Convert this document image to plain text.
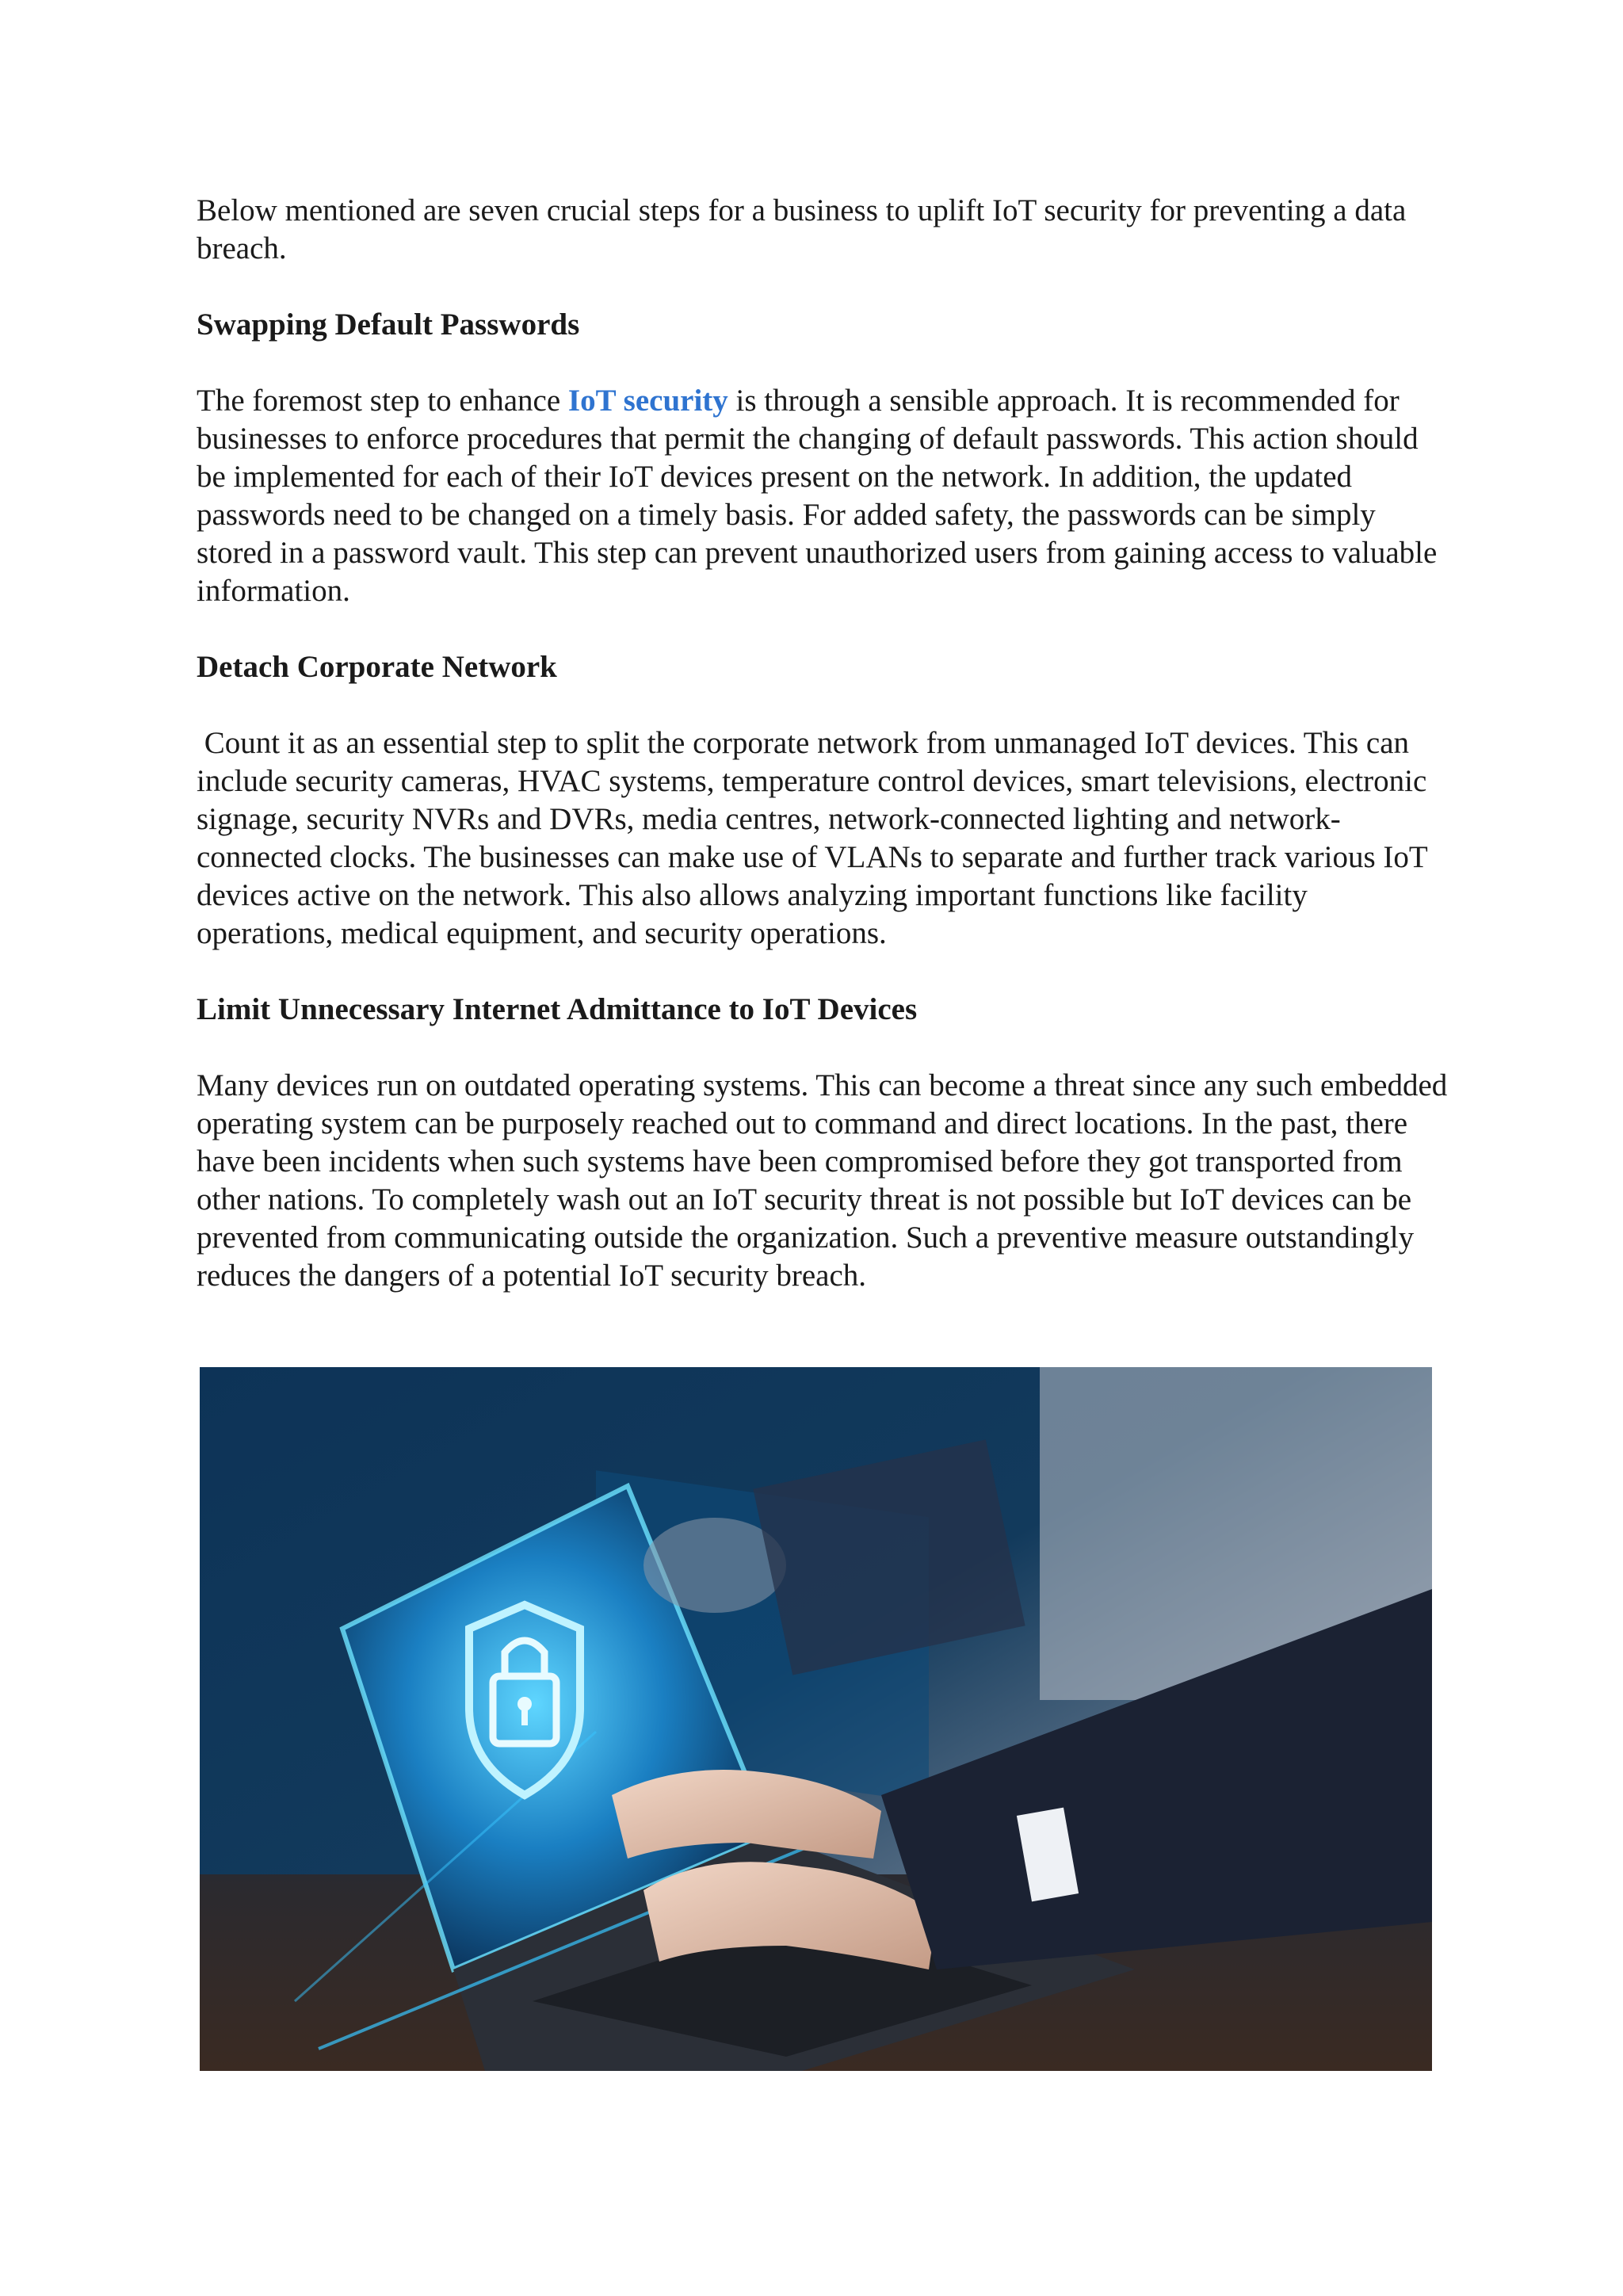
Below mentioned are seven crucial steps for a business to uplift IoT security for preventing a data breach.

Swapping Default Passwords

The foremost step to enhance IoT security is through a sensible approach. It is recommended for businesses to enforce procedures that permit the changing of default passwords. This action should be implemented for each of their IoT devices present on the network. In addition, the updated passwords need to be changed on a timely basis. For added safety, the passwords can be simply stored in a password vault. This step can prevent unauthorized users from gaining access to valuable information.

Detach Corporate Network

Count it as an essential step to split the corporate network from unmanaged IoT devices. This can include security cameras, HVAC systems, temperature control devices, smart televisions, electronic signage, security NVRs and DVRs, media centres, network-connected lighting and network-connected clocks. The businesses can make use of VLANs to separate and further track various IoT devices active on the network. This also allows analyzing important functions like facility operations, medical equipment, and security operations.

Limit Unnecessary Internet Admittance to IoT Devices

Many devices run on outdated operating systems. This can become a threat since any such embedded operating system can be purposely reached out to command and direct locations. In the past, there have been incidents when such systems have been compromised before they got transported from other nations. To completely wash out an IoT security threat is not possible but IoT devices can be prevented from communicating outside the organization. Such a preventive measure outstandingly reduces the dangers of a potential IoT security breach.
